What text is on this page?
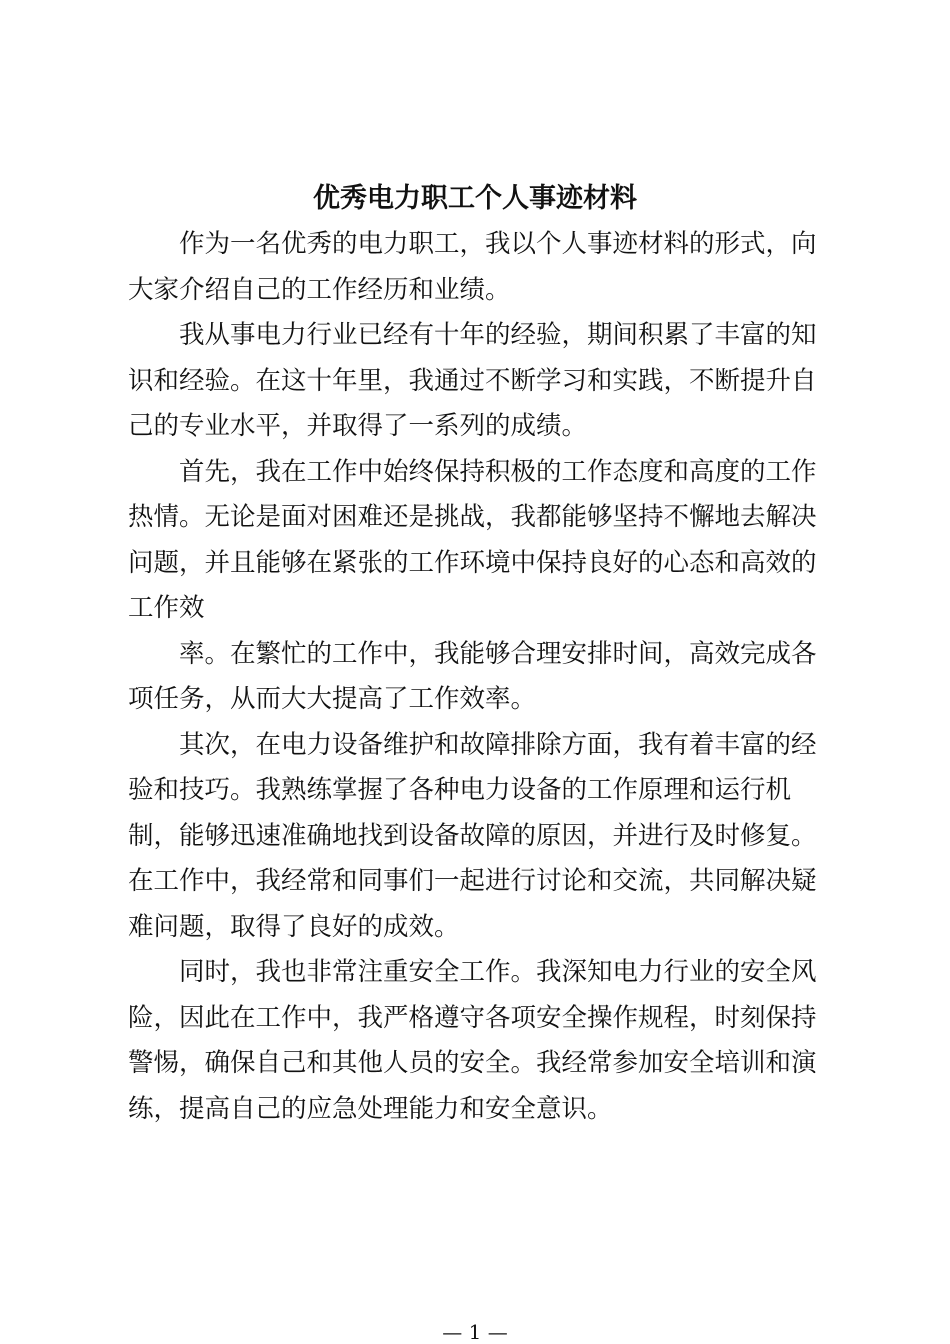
优秀电力职工个人事迹材料

作为一名优秀的电力职工，我以个人事迹材料的形式，向
大家介绍自己的工作经历和业绩。

我从事电力行业已经有十年的经验，期间积累了丰富的知
识和经验。在这十年里，我通过不断学习和实践，不断提升自
己的专业水平，并取得了一系列的成绩。

首先，我在工作中始终保持积极的工作态度和高度的工作
热情。无论是面对困难还是挑战，我都能够坚持不懈地去解决
问题，并且能够在紧张的工作环境中保持良好的心态和高效的
工作效

率。在繁忙的工作中，我能够合理安排时间，高效完成各
项任务，从而大大提高了工作效率。

其次，在电力设备维护和故障排除方面，我有着丰富的经
验和技巧。我熟练掌握了各种电力设备的工作原理和运行机
制，能够迅速准确地找到设备故障的原因，并进行及时修复。
在工作中，我经常和同事们一起进行讨论和交流，共同解决疑
难问题，取得了良好的成效。

同时，我也非常注重安全工作。我深知电力行业的安全风
险，因此在工作中，我严格遵守各项安全操作规程，时刻保持
警惕，确保自己和其他人员的安全。我经常参加安全培训和演
练，提高自己的应急处理能力和安全意识。

— 1 —
